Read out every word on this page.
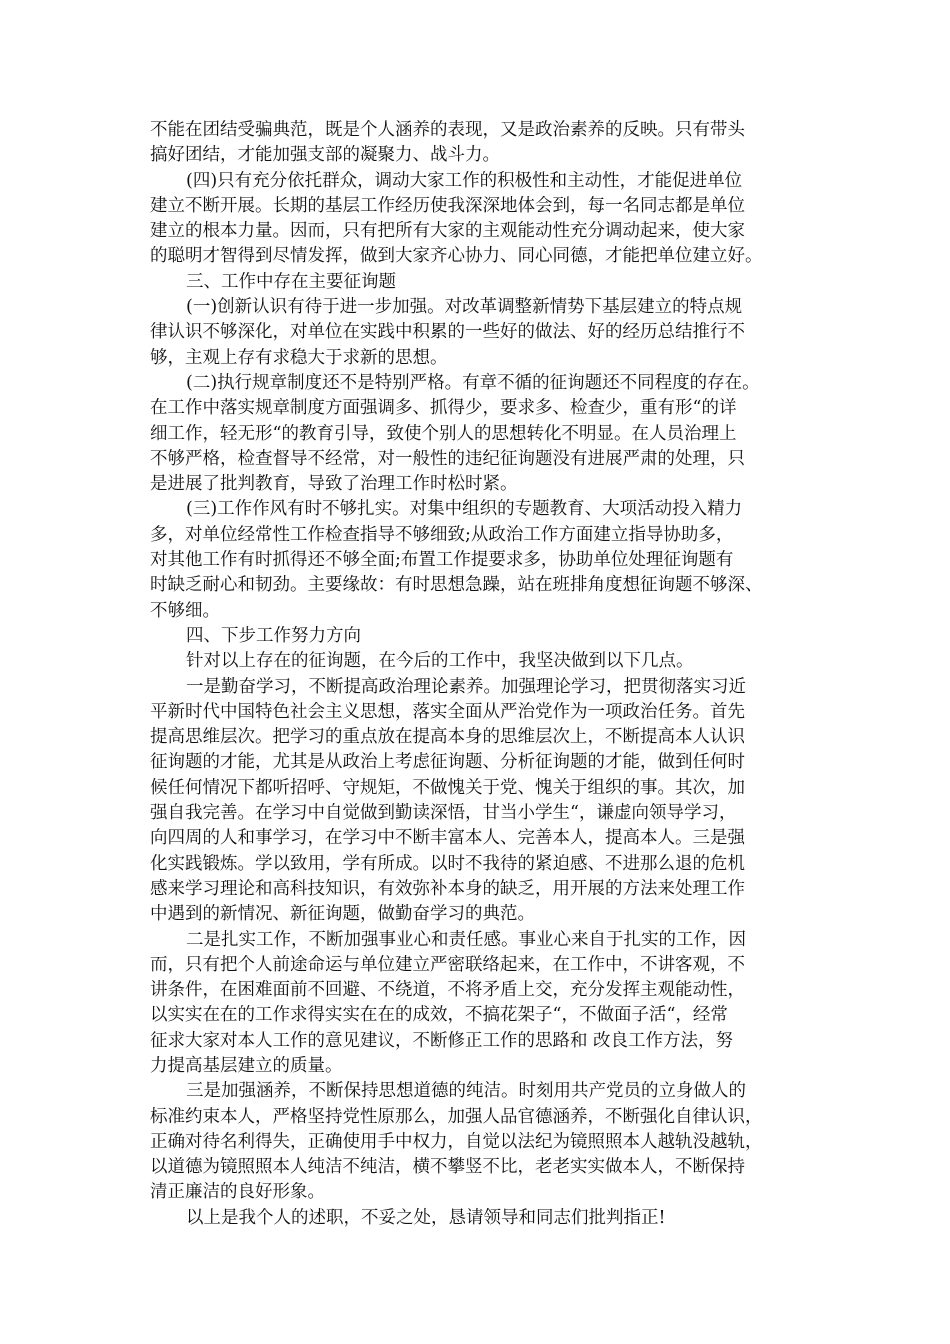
不能在团结受骗典范，既是个人涵养的表现，又是政治素养的反映。只有带头
搞好团结，才能加强支部的凝聚力、战斗力。
(四)只有充分依托群众，调动大家工作的积极性和主动性，才能促进单位
建立不断开展。长期的基层工作经历使我深深地体会到，每一名同志都是单位
建立的根本力量。因而，只有把所有大家的主观能动性充分调动起来，使大家
的聪明才智得到尽情发挥，做到大家齐心协力、同心同德，才能把单位建立好。
三、工作中存在主要征询题
(一)创新认识有待于进一步加强。对改革调整新情势下基层建立的特点规
律认识不够深化，对单位在实践中积累的一些好的做法、好的经历总结推行不
够，主观上存有求稳大于求新的思想。
(二)执行规章制度还不是特别严格。有章不循的征询题还不同程度的存在。
在工作中落实规章制度方面强调多、抓得少，要求多、检查少，重有形“的详
细工作，轻无形“的教育引导，致使个别人的思想转化不明显。在人员治理上
不够严格，检查督导不经常，对一般性的违纪征询题没有进展严肃的处理，只
是进展了批判教育，导致了治理工作时松时紧。
(三)工作作风有时不够扎实。对集中组织的专题教育、大项活动投入精力
多，对单位经常性工作检查指导不够细致;从政治工作方面建立指导协助多，
对其他工作有时抓得还不够全面;布置工作提要求多，协助单位处理征询题有
时缺乏耐心和韧劲。主要缘故：有时思想急躁，站在班排角度想征询题不够深、
不够细。
四、下步工作努力方向
针对以上存在的征询题，在今后的工作中，我坚决做到以下几点。
一是勤奋学习，不断提高政治理论素养。加强理论学习，把贯彻落实习近
平新时代中国特色社会主义思想，落实全面从严治党作为一项政治任务。首先
提高思维层次。把学习的重点放在提高本身的思维层次上，不断提高本人认识
征询题的才能，尤其是从政治上考虑征询题、分析征询题的才能，做到任何时
候任何情况下都听招呼、守规矩，不做愧关于党、愧关于组织的事。其次，加
强自我完善。在学习中自觉做到勤读深悟，甘当小学生“，谦虚向领导学习，
向四周的人和事学习，在学习中不断丰富本人、完善本人，提高本人。三是强
化实践锻炼。学以致用，学有所成。以时不我待的紧迫感、不进那么退的危机
感来学习理论和高科技知识，有效弥补本身的缺乏，用开展的方法来处理工作
中遇到的新情况、新征询题，做勤奋学习的典范。
二是扎实工作，不断加强事业心和责任感。事业心来自于扎实的工作，因
而，只有把个人前途命运与单位建立严密联络起来，在工作中，不讲客观，不
讲条件，在困难面前不回避、不绕道，不将矛盾上交，充分发挥主观能动性，
以实实在在的工作求得实实在在的成效，不搞花架子“，不做面子活“，经常
征求大家对本人工作的意见建议，不断修正工作的思路和 改良工作方法，努
力提高基层建立的质量。
三是加强涵养，不断保持思想道德的纯洁。时刻用共产党员的立身做人的
标准约束本人，严格坚持党性原那么，加强人品官德涵养，不断强化自律认识，
正确对待名利得失，正确使用手中权力，自觉以法纪为镜照照本人越轨没越轨，
以道德为镜照照本人纯洁不纯洁，横不攀竖不比，老老实实做本人，不断保持
清正廉洁的良好形象。
以上是我个人的述职，不妥之处，恳请领导和同志们批判指正!
